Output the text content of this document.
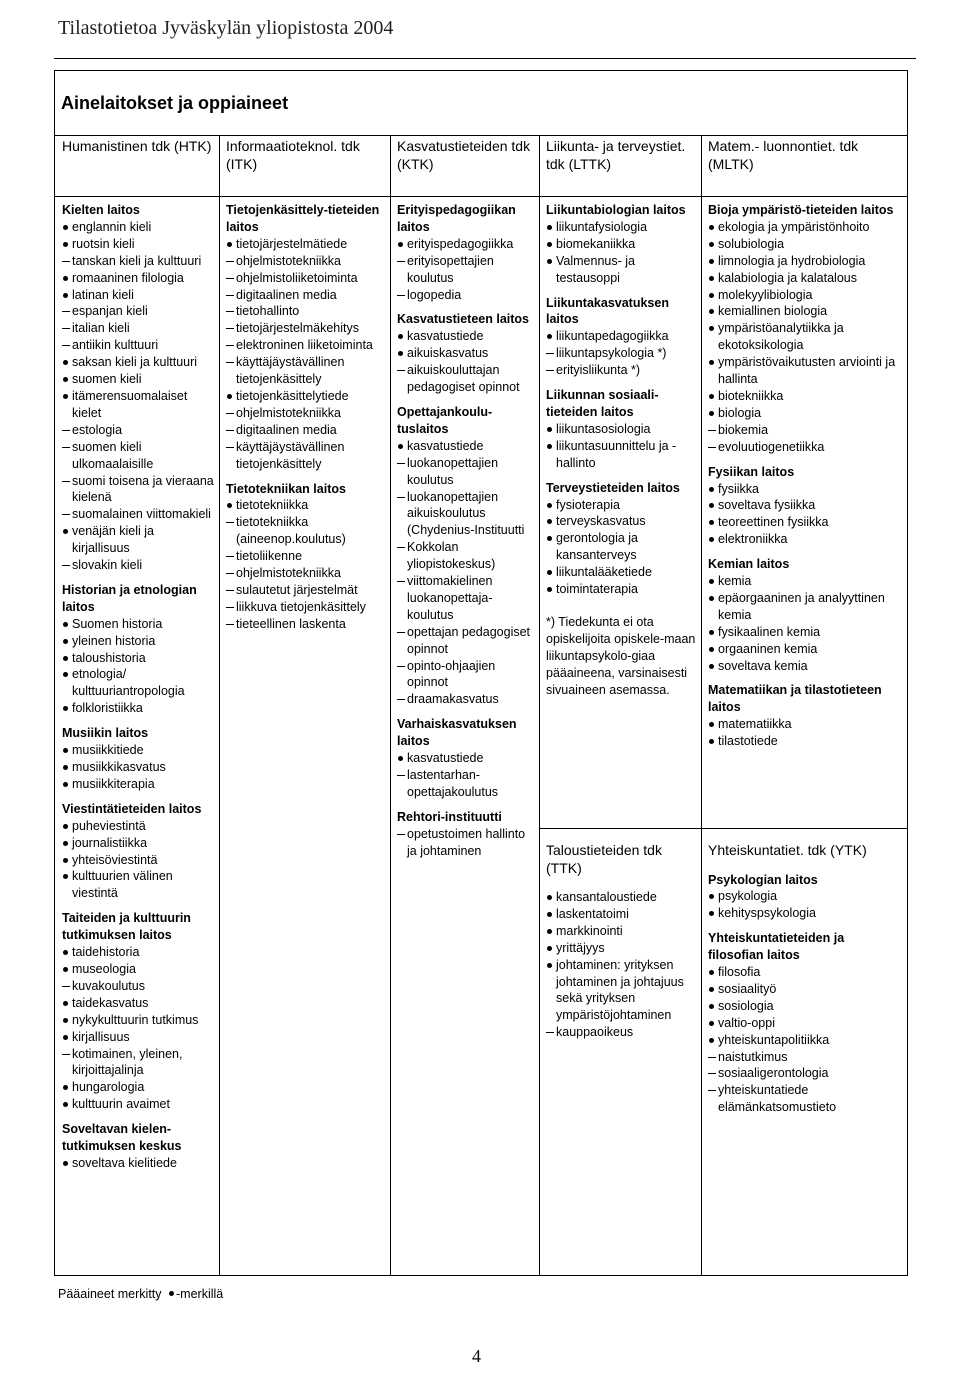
Tilastotietoa Jyväskylän yliopistosta 2004
Ainelaitokset ja oppiaineet
Humanistinen tdk (HTK)
Kielten laitos
englannin kieli
ruotsin kieli
tanskan kieli ja kulttuuri
romaaninen filologia
latinan kieli
espanjan kieli
italian kieli
antiikin kulttuuri
saksan kieli ja kulttuuri
suomen kieli
itämerensuomalaiset kielet
estologia
suomen kieli ulkomaalaisille
suomi toisena ja vieraana kielenä
suomalainen viittomakieli
venäjän kieli ja kirjallisuus
slovakin kieli
Historian ja etnologian laitos
Suomen historia
yleinen historia
taloushistoria
etnologia/ kulttuuriantropologia
folkloristiikka
Musiikin laitos
musiikkitiede
musiikkikasvatus
musiikkiterapia
Viestintätieteiden laitos
puheviestintä
journalistiikka
yhteisöviestintä
kulttuurien välinen viestintä
Taiteiden ja kulttuurin tutkimuksen laitos
taidehistoria
museologia
kuvakoulutus
taidekasvatus
nykykulttuurin tutkimus
kirjallisuus
kotimainen, yleinen, kirjoittajalinja
hungarologia
kulttuurin avaimet
Soveltavan kielen-tutkimuksen keskus
soveltava kielitiede
Informaatioteknol. tdk (ITK)
Tietojenkäsittely-tieteiden laitos
tietojärjestelmätiede
ohjelmistotekniikka
ohjelmistoliiketoiminta
digitaalinen media
tietohallinto
tietojärjestelmäkehitys
elektroninen liiketoiminta
käyttäjäystävällinen tietojenkäsittely
tietojenkäsittelytiede
ohjelmistotekniikka
digitaalinen media
käyttäjäystävällinen tietojenkäsittely
Tietotekniikan laitos
tietotekniikka
tietotekniikka (aineenop.koulutus)
tietoliikenne
ohjelmistotekniikka
sulautetut järjestelmät
liikkuva tietojenkäsittely
tieteellinen laskenta
Kasvatustieteiden tdk (KTK)
Erityispedagogiikan laitos
erityispedagogiikka
erityisopettajien koulutus
logopedia
Kasvatustieteen laitos
kasvatustiede
aikuiskasvatus
aikuiskouluttajan pedagogiset opinnot
Opettajankoulu-tuslaitos
kasvatustiede
luokanopettajien koulutus
luokanopettajien aikuiskoulutus (Chydenius-Instituutti
Kokkolan yliopistokeskus)
viittomakielinen luokanopettaja-koulutus
opettajan pedagogiset opinnot
opinto-ohjaajien opinnot
draamakasvatus
Varhaiskasvatuksen laitos
kasvatustiede
lastentarhan-opettajakoulutus
Rehtori-instituutti
opetustoimen hallinto ja johtaminen
Liikunta- ja terveystiet. tdk (LTTK)
Liikuntabiologian laitos
liikuntafysiologia
biomekaniikka
Valmennus- ja testausoppi
Liikuntakasvatuksen laitos
liikuntapedagogiikka
liikuntapsykologia *)
erityisliikunta *)
Liikunnan sosiaali-tieteiden laitos
liikuntasosiologia
liikuntasuunnittelu ja -hallinto
Terveystieteiden laitos
fysioterapia
terveyskasvatus
gerontologia ja kansanterveys
liikuntalääketiede
toimintaterapia
*) Tiedekunta ei ota opiskelijoita opiskele-maan liikuntapsykolo-giaa pääaineena, varsinaisesti sivuaineen asemassa.
Taloustieteiden tdk (TTK)
kansantaloustiede
laskentatoimi
markkinointi
yrittäjyys
johtaminen: yrityksen johtaminen ja johtajuus sekä yrityksen ympäristöjohtaminen
kauppaoikeus
Matem.- luonnontiet. tdk (MLTK)
Bioja ympäristö-tieteiden laitos
ekologia ja ympäristönhoito
solubiologia
limnologia ja hydrobiologia
kalabiologia ja kalatalous
molekyylibiologia
kemiallinen biologia
ympäristöanalytiikka ja ekotoksikologia
ympäristövaikutusten arviointi ja hallinta
biotekniikka
biologia
biokemia
evoluutiogenetiikka
Fysiikan laitos
fysiikka
soveltava fysiikka
teoreettinen fysiikka
elektroniikka
Kemian laitos
kemia
epäorgaaninen ja analyyttinen kemia
fysikaalinen kemia
orgaaninen kemia
soveltava kemia
Matematiikan ja tilastotieteen laitos
matematiikka
tilastotiede
Yhteiskuntatiet. tdk (YTK)
Psykologian laitos
psykologia
kehityspsykologia
Yhteiskuntatieteiden ja filosofian laitos
filosofia
sosiaalityö
sosiologia
valtio-oppi
yhteiskuntapolitiikka
naistutkimus
sosiaaligerontologia
yhteiskuntatiede elämänkatsomustieto
Pääaineet merkitty -merkillä
4
